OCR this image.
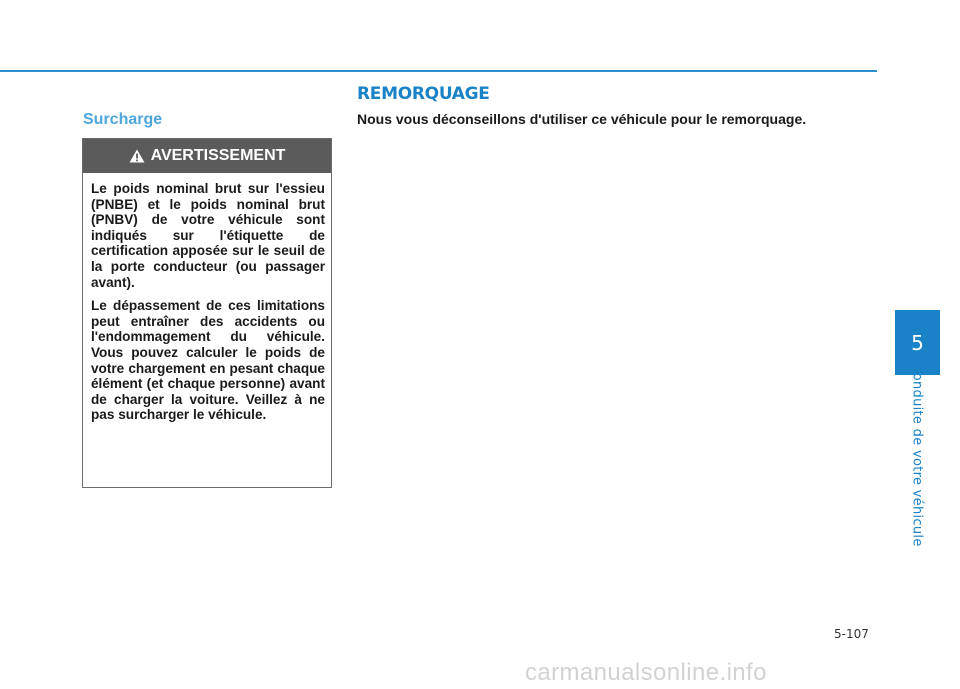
REMORQUAGE
Surcharge	Nous vous déconseillons d'utiliser ce véhicule pour le remorquage.
AVERTISSEMENT

Le poids nominal brut sur l'essieu (PNBE) et le poids nominal brut (PNBV) de votre véhicule sont indiqués sur l'étiquette de certification apposée sur le seuil de la porte conducteur (ou passager avant).

Le dépassement de ces limitations peut entraîner des accidents ou l'endommagement du véhicule. Vous pouvez calculer le poids de votre chargement en pesant chaque élément (et chaque personne) avant de charger la voiture. Veillez à ne pas surcharger le véhicule.

5
Conduite de votre véhicule
5-107
carmanualsonline.info
